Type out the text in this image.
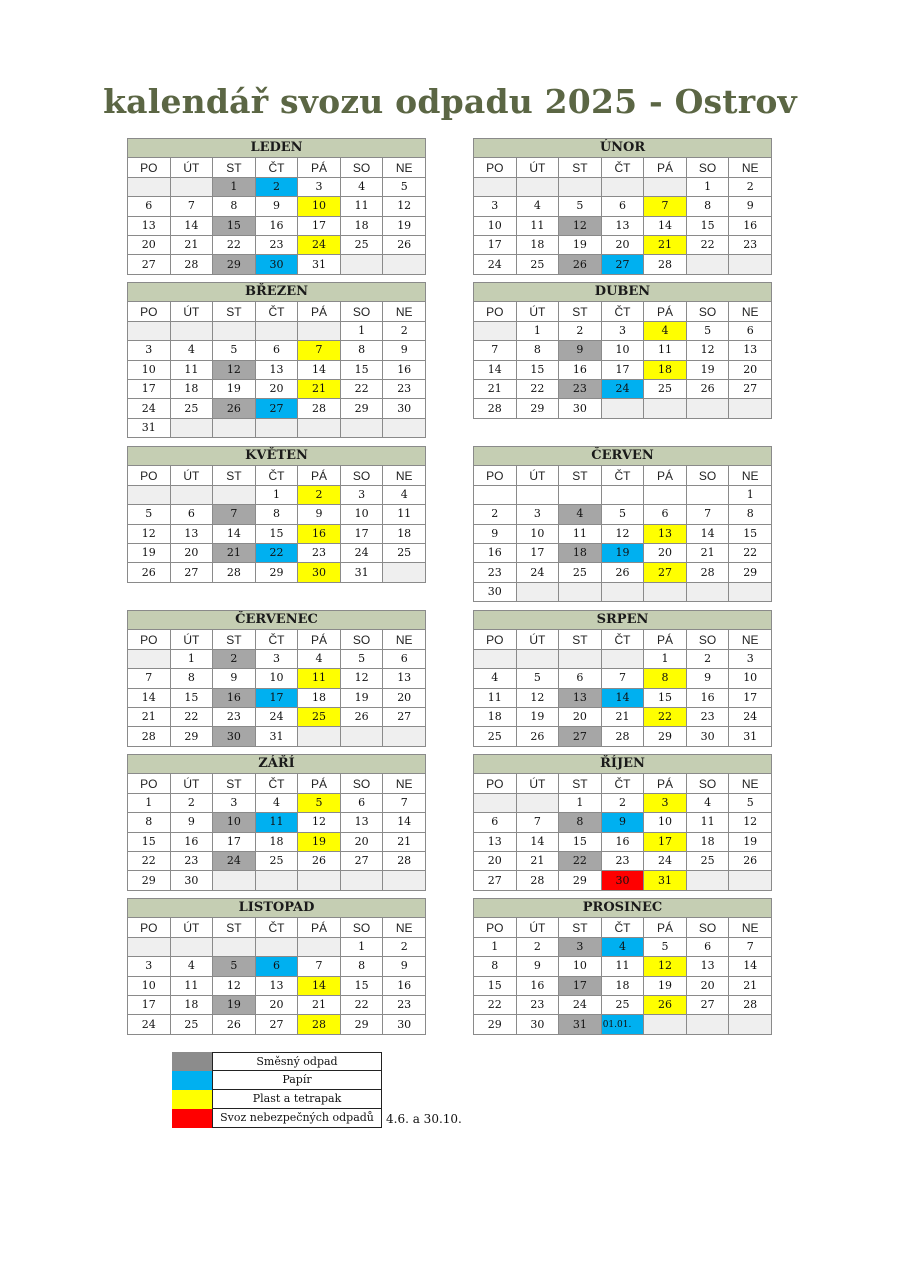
kalendář svozu odpadu 2025 - Ostrov
LEDEN						
PO	ÚT	ST	ČT	PÁ	SO	NE
		1	2	3	4	5
6	7	8	9	10	11	12
13	14	15	16	17	18	19
20	21	22	23	24	25	26
27	28	29	30	31		
ÚNOR						
PO	ÚT	ST	ČT	PÁ	SO	NE
					1	2
3	4	5	6	7	8	9
10	11	12	13	14	15	16
17	18	19	20	21	22	23
24	25	26	27	28		
BŘEZEN						
PO	ÚT	ST	ČT	PÁ	SO	NE
					1	2
3	4	5	6	7	8	9
10	11	12	13	14	15	16
17	18	19	20	21	22	23
24	25	26	27	28	29	30
31						
DUBEN						
PO	ÚT	ST	ČT	PÁ	SO	NE
	1	2	3	4	5	6
7	8	9	10	11	12	13
14	15	16	17	18	19	20
21	22	23	24	25	26	27
28	29	30				
KVĚTEN						
PO	ÚT	ST	ČT	PÁ	SO	NE
			1	2	3	4
5	6	7	8	9	10	11
12	13	14	15	16	17	18
19	20	21	22	23	24	25
26	27	28	29	30	31	
ČERVEN						
PO	ÚT	ST	ČT	PÁ	SO	NE
						1
2	3	4	5	6	7	8
9	10	11	12	13	14	15
16	17	18	19	20	21	22
23	24	25	26	27	28	29
30						
ČERVENEC						
PO	ÚT	ST	ČT	PÁ	SO	NE
	1	2	3	4	5	6
7	8	9	10	11	12	13
14	15	16	17	18	19	20
21	22	23	24	25	26	27
28	29	30	31			
SRPEN						
PO	ÚT	ST	ČT	PÁ	SO	NE
				1	2	3
4	5	6	7	8	9	10
11	12	13	14	15	16	17
18	19	20	21	22	23	24
25	26	27	28	29	30	31
ZÁŘÍ						
PO	ÚT	ST	ČT	PÁ	SO	NE
1	2	3	4	5	6	7
8	9	10	11	12	13	14
15	16	17	18	19	20	21
22	23	24	25	26	27	28
29	30					
ŘÍJEN						
PO	ÚT	ST	ČT	PÁ	SO	NE
		1	2	3	4	5
6	7	8	9	10	11	12
13	14	15	16	17	18	19
20	21	22	23	24	25	26
27	28	29	30	31		
LISTOPAD						
PO	ÚT	ST	ČT	PÁ	SO	NE
					1	2
3	4	5	6	7	8	9
10	11	12	13	14	15	16
17	18	19	20	21	22	23
24	25	26	27	28	29	30
PROSINEC						
PO	ÚT	ST	ČT	PÁ	SO	NE
1	2	3	4	5	6	7
8	9	10	11	12	13	14
15	16	17	18	19	20	21
22	23	24	25	26	27	28
29	30	31	01.01.			
Směsný odpad
Papír
Plast a tetrapak
Svoz nebezpečných odpadů	4.6. a 30.10.
